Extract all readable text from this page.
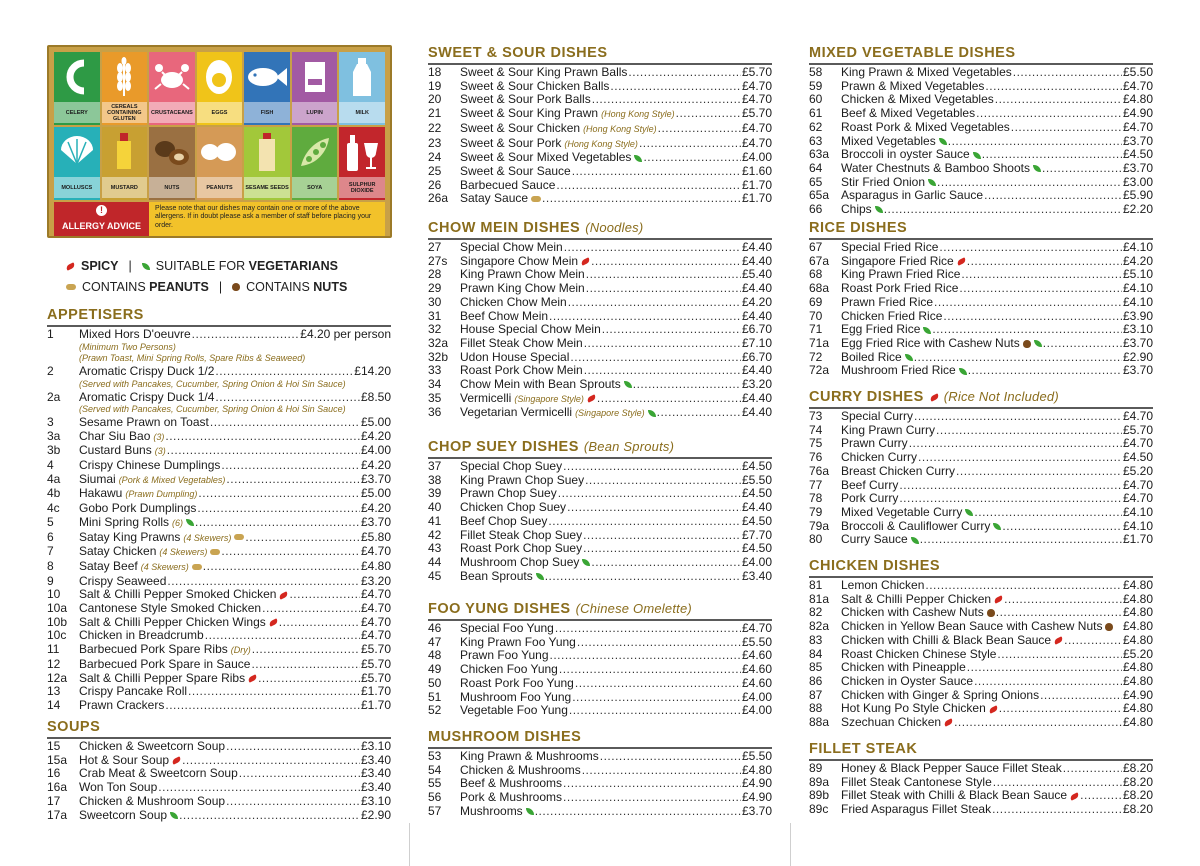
CELERY
CEREALS CONTAINING GLUTEN
CRUSTACEANS	EGGS	FISH	LUPIN	MILK
MOLLUSCS	MUSTARD	NUTS	PEANUTS	SESAME SEEDS	SOYA	SULPHUR DIOXIDE
!
ALLERGY ADVICE
Please note that our dishes may contain one or more of the above allergens. If in doubt please ask a member of staff before placing your order.
SPICY | SUITABLE FOR VEGETARIANS
CONTAINS PEANUTS | CONTAINS NUTS
APPETISERS
1	Mixed Hors D'oeuvre .....	£4.20 per person
(Minimum Two Persons)
(Prawn Toast, Mini Spring Rolls, Spare Ribs & Seaweed)
2	Aromatic Crispy Duck 1/2 .....	£14.20
(Served with Pancakes, Cucumber, Spring Onion & Hoi Sin Sauce)
2a	Aromatic Crispy Duck 1/4 .....	£8.50
(Served with Pancakes, Cucumber, Spring Onion & Hoi Sin Sauce)
3	Sesame Prawn on Toast .....	£5.00
3a	Char Siu Bao (3) .....	£4.20
3b	Custard Buns (3) .....	£4.00
4	Crispy Chinese Dumplings .....	£4.20
4a	Siumai (Pork & Mixed Vegetables) .....	£3.70
4b	Hakawu (Prawn Dumpling) .....	£5.00
4c	Gobo Pork Dumplings .....	£4.20
5	Mini Spring Rolls (6) .....	£3.70
6	Satay King Prawns (4 Skewers) .....	£5.80
7	Satay Chicken (4 Skewers) .....	£4.70
8	Satay Beef (4 Skewers) .....	£4.80
9	Crispy Seaweed .....	£3.20
10	Salt & Chilli Pepper Smoked Chicken .....	£4.70
10a Cantonese Style Smoked Chicken .....	£4.70
10b Salt & Chilli Pepper Chicken Wings .....	£4.70
10c	Chicken in Breadcrumb .....	£4.70
11	Barbecued Pork Spare Ribs (Dry) .....	£5.70
12	Barbecued Pork Spare in Sauce .....	£5.70
12a Salt & Chilli Pepper Spare Ribs .....	£5.70
13	Crispy Pancake Roll .....	£1.70
14	Prawn Crackers .....	£1.70
SOUPS
15	Chicken & Sweetcorn Soup .....	£3.10
15a Hot & Sour Soup .....	£3.40
16	Crab Meat & Sweetcorn Soup .....	£3.40
16a Won Ton Soup .....	£3.40
17	Chicken & Mushroom Soup .....	£3.10
17a Sweetcorn Soup .....	£2.90
SWEET & SOUR DISHES
18	Sweet & Sour King Prawn Balls .....	£5.70
19	Sweet & Sour Chicken Balls .....	£4.70
20	Sweet & Sour Pork Balls .....	£4.70
21	Sweet & Sour King Prawn (Hong Kong Style) .....	£5.70
22	Sweet & Sour Chicken (Hong Kong Style) .....	£4.70
23	Sweet & Sour Pork (Hong Kong Style) .....	£4.70
24	Sweet & Sour Mixed Vegetables .....	£4.00
25	Sweet & Sour Sauce .....	£1.60
26	Barbecued Sauce .....	£1.70
26a Satay Sauce .....	£1.70
CHOW MEIN DISHES (Noodles)
27	Special Chow Mein .....	£4.40
27s	Singapore Chow Mein .....	£4.40
28	King Prawn Chow Mein .....	£5.40
29	Prawn King Chow Mein .....	£4.40
30	Chicken Chow Mein .....	£4.20
31	Beef Chow Mein .....	£4.40
32	House Special Chow Mein .....	£6.70
32a Fillet Steak Chow Mein .....	£7.10
32b Udon House Special .....	£6.70
33	Roast Pork Chow Mein .....	£4.40
34	Chow Mein with Bean Sprouts .....	£3.20
35	Vermicelli (Singapore Style) .....	£4.40
36	Vegetarian Vermicelli (Singapore Style) .....	£4.40
CHOP SUEY DISHES (Bean Sprouts)
37	Special Chop Suey .....	£4.50
38	King Prawn Chop Suey .....	£5.50
39	Prawn Chop Suey .....	£4.50
40	Chicken Chop Suey .....	£4.40
41	Beef Chop Suey .....	£4.50
42	Fillet Steak Chop Suey .....	£7.70
43	Roast Pork Chop Suey .....	£4.50
44	Mushroom Chop Suey .....	£4.00
45	Bean Sprouts .....	£3.40
FOO YUNG DISHES (Chinese Omelette)
46	Special Foo Yung .....	£4.70
47	King Prawn Foo Yung .....	£5.50
48	Prawn Foo Yung .....	£4.60
49	Chicken Foo Yung .....	£4.60
50	Roast Pork Foo Yung .....	£4.60
51	Mushroom Foo Yung .....	£4.00
52	Vegetable Foo Yung .....	£4.00
MUSHROOM DISHES
53	King Prawn & Mushrooms .....	£5.50
54	Chicken & Mushrooms .....	£4.80
55	Beef & Mushrooms .....	£4.90
56	Pork & Mushrooms .....	£4.90
57	Mushrooms .....	£3.70
MIXED VEGETABLE DISHES
58	King Prawn & Mixed Vegetables .....	£5.50
59	Prawn & Mixed Vegetables .....	£4.70
60	Chicken & Mixed Vegetables .....	£4.80
61	Beef & Mixed Vegetables .....	£4.90
62	Roast Pork & Mixed Vegetables .....	£4.70
63	Mixed Vegetables .....	£3.70
63a Broccoli in oyster Sauce .....	£4.50
64	Water Chestnuts & Bamboo Shoots .....	£3.70
65	Stir Fried Onion .....	£3.00
65a Asparagus in Garlic Sauce .....	£5.90
66	Chips .....	£2.20
RICE DISHES
67	Special Fried Rice .....	£4.10
67a Singapore Fried Rice .....	£4.20
68	King Prawn Fried Rice .....	£5.10
68a Roast Pork Fried Rice .....	£4.10
69	Prawn Fried Rice .....	£4.10
70	Chicken Fried Rice .....	£3.90
71	Egg Fried Rice .....	£3.10
71a Egg Fried Rice with Cashew Nuts .....	£3.70
72	Boiled Rice .....	£2.90
72a Mushroom Fried Rice .....	£3.70
CURRY DISHES (Rice Not Included)
73	Special Curry .....	£4.70
74	King Prawn Curry .....	£5.70
75	Prawn Curry .....	£4.70
76	Chicken Curry .....	£4.50
76a Breast Chicken Curry .....	£5.20
77	Beef Curry .....	£4.70
78	Pork Curry .....	£4.70
79	Mixed Vegetable Curry .....	£4.10
79a Broccoli & Cauliflower Curry .....	£4.10
80	Curry Sauce .....	£1.70
CHICKEN DISHES
81	Lemon Chicken .....	£4.80
81a Salt & Chilli Pepper Chicken .....	£4.80
82	Chicken with Cashew Nuts .....	£4.80
82a Chicken in Yellow Bean Sauce with Cashew Nuts	£4.80
83	Chicken with Chilli & Black Bean Sauce .....	£4.80
84	Roast Chicken Chinese Style .....	£5.20
85	Chicken with Pineapple .....	£4.80
86	Chicken in Oyster Sauce .....	£4.80
87	Chicken with Ginger & Spring Onions .....	£4.90
88	Hot Kung Po Style Chicken .....	£4.80
88a Szechuan Chicken .....	£4.80
FILLET STEAK
89	Honey & Black Pepper Sauce Fillet Steak .....	£8.20
89a Fillet Steak Cantonese Style .....	£8.20
89b Fillet Steak with Chilli & Black Bean Sauce .....	£8.20
89c	Fried Asparagus Fillet Steak .....	£8.20
